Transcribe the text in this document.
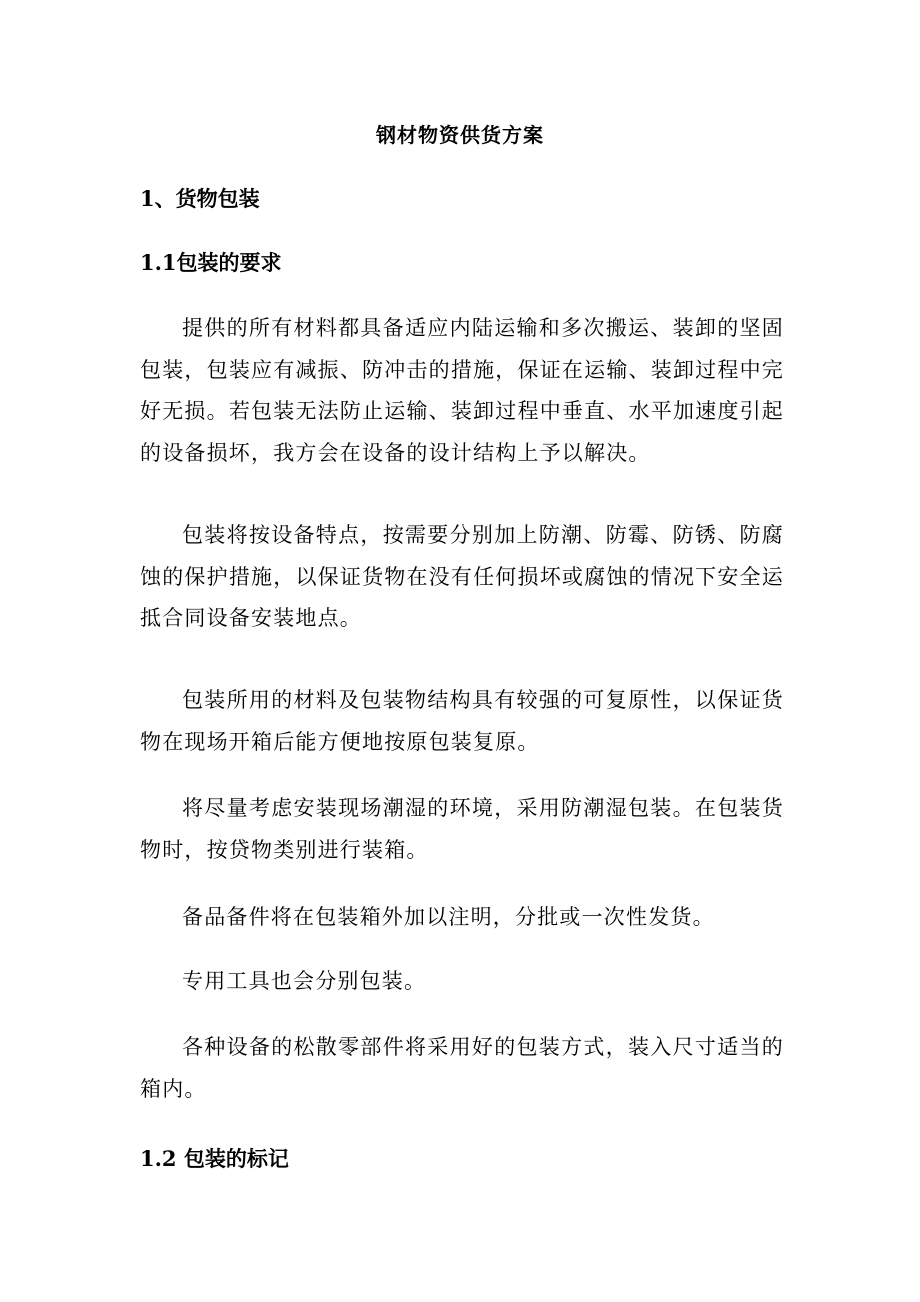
钢材物资供货方案
1、货物包装
1.1包装的要求

提供的所有材料都具备适应内陆运输和多次搬运、装卸的坚固包装，包装应有减振、防冲击的措施，保证在运输、装卸过程中完好无损。若包装无法防止运输、装卸过程中垂直、水平加速度引起的设备损坏，我方会在设备的设计结构上予以解决。

包装将按设备特点，按需要分别加上防潮、防霉、防锈、防腐蚀的保护措施，以保证货物在没有任何损坏或腐蚀的情况下安全运抵合同设备安装地点。

包装所用的材料及包装物结构具有较强的可复原性，以保证货物在现场开箱后能方便地按原包装复原。

将尽量考虑安装现场潮湿的环境，采用防潮湿包装。在包装货物时，按贷物类别进行装箱。

备品备件将在包装箱外加以注明，分批或一次性发货。

专用工具也会分别包装。

各种设备的松散零部件将采用好的包装方式，装入尺寸适当的箱内。

1.2 包装的标记
